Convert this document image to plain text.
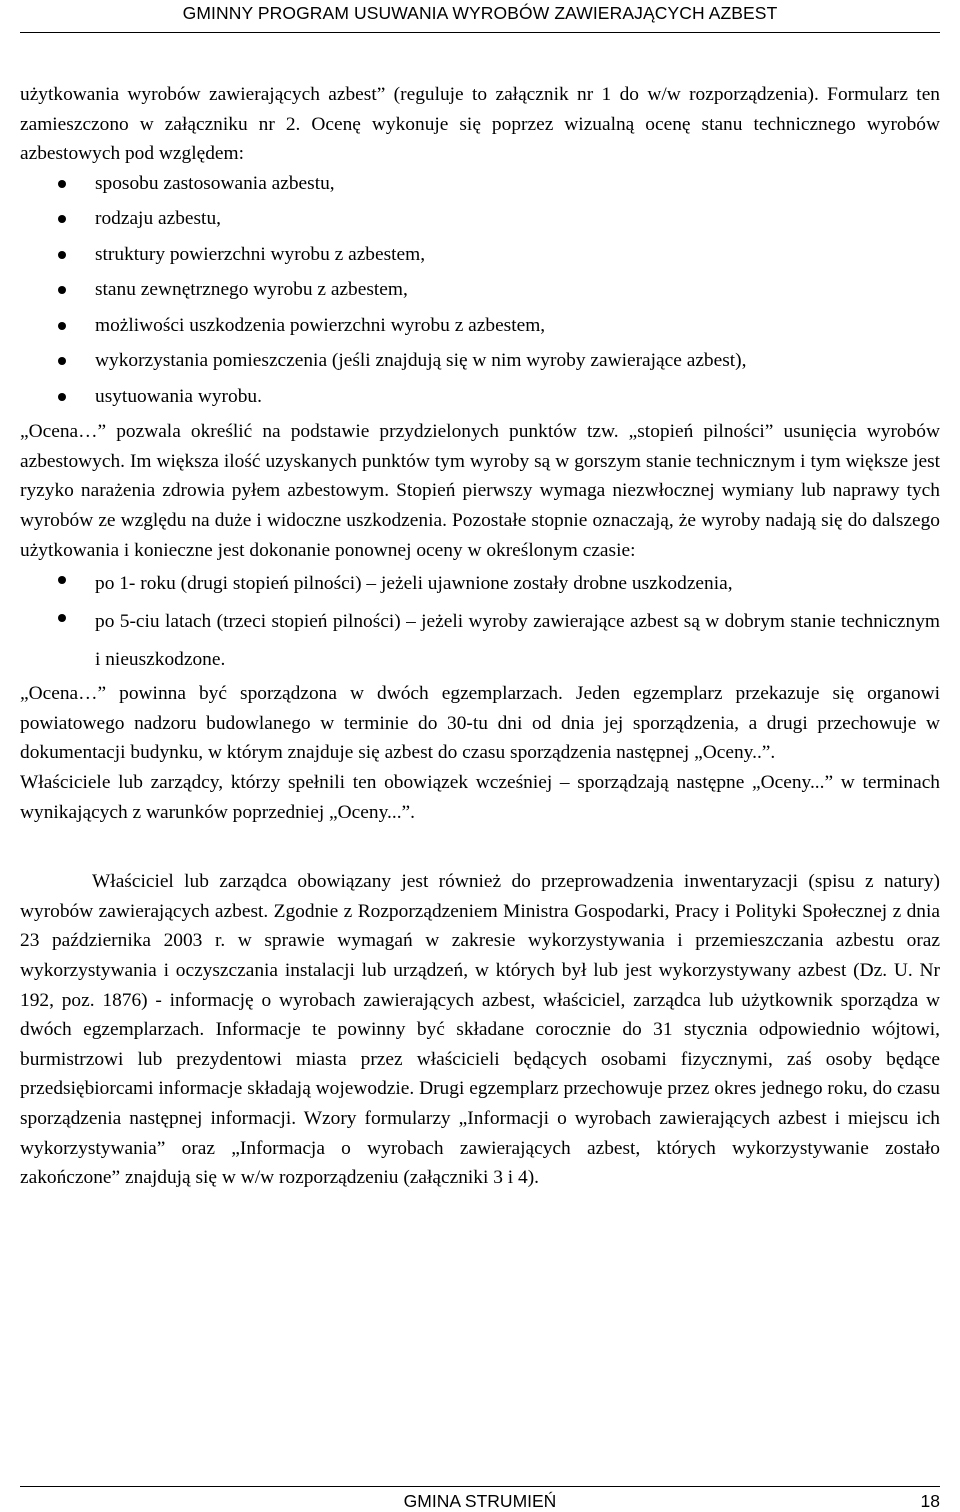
GMINNY PROGRAM USUWANIA WYROBÓW ZAWIERAJĄCYCH AZBEST

użytkowania wyrobów zawierających azbest” (reguluje to załącznik nr 1 do w/w rozporządzenia). Formularz ten zamieszczono w załączniku nr 2. Ocenę wykonuje się poprzez wizualną ocenę stanu technicznego wyrobów azbestowych pod względem:

sposobu zastosowania azbestu,
rodzaju azbestu,
struktury powierzchni wyrobu z azbestem,
stanu zewnętrznego wyrobu z azbestem,
możliwości uszkodzenia powierzchni wyrobu z azbestem,
wykorzystania pomieszczenia (jeśli znajdują się w nim wyroby zawierające azbest),
usytuowania wyrobu.

„Ocena…” pozwala określić na podstawie przydzielonych punktów tzw. „stopień pilności” usunięcia wyrobów azbestowych. Im większa ilość uzyskanych punktów tym wyroby są w gorszym stanie technicznym i tym większe jest ryzyko narażenia zdrowia pyłem azbestowym. Stopień pierwszy wymaga niezwłocznej wymiany lub naprawy tych wyrobów ze względu na duże i widoczne uszkodzenia. Pozostałe stopnie oznaczają, że wyroby nadają się do dalszego użytkowania i konieczne jest dokonanie ponownej oceny w określonym czasie:

po 1- roku (drugi stopień pilności) – jeżeli ujawnione zostały drobne uszkodzenia,
po 5-ciu latach (trzeci stopień pilności) – jeżeli wyroby zawierające azbest są w dobrym stanie technicznym i nieuszkodzone.

„Ocena…” powinna być sporządzona w dwóch egzemplarzach. Jeden egzemplarz przekazuje się organowi powiatowego nadzoru budowlanego w terminie do 30-tu dni od dnia jej sporządzenia, a drugi przechowuje w dokumentacji budynku, w którym znajduje się azbest do czasu sporządzenia następnej „Oceny..”.

Właściciele lub zarządcy, którzy spełnili ten obowiązek wcześniej – sporządzają następne „Oceny...” w terminach wynikających z warunków poprzedniej „Oceny...”.

Właściciel lub zarządca obowiązany jest również do przeprowadzenia inwentaryzacji (spisu z natury) wyrobów zawierających azbest. Zgodnie z Rozporządzeniem Ministra Gospodarki, Pracy i Polityki Społecznej z dnia 23 października 2003 r. w sprawie wymagań w zakresie wykorzystywania i przemieszczania azbestu oraz wykorzystywania i oczyszczania instalacji lub urządzeń, w których był lub jest wykorzystywany azbest (Dz. U. Nr 192, poz. 1876) - informację o wyrobach zawierających azbest, właściciel, zarządca lub użytkownik sporządza w dwóch egzemplarzach. Informacje te powinny być składane corocznie do 31 stycznia odpowiednio wójtowi, burmistrzowi lub prezydentowi miasta przez właścicieli będących osobami fizycznymi, zaś osoby będące przedsiębiorcami informacje składają wojewodzie. Drugi egzemplarz przechowuje przez okres jednego roku, do czasu sporządzenia następnej informacji. Wzory formularzy „Informacji o wyrobach zawierających azbest i miejscu ich wykorzystywania” oraz „Informacja o wyrobach zawierających azbest, których wykorzystywanie zostało zakończone” znajdują się w w/w rozporządzeniu (załączniki 3 i 4).

GMINA STRUMIEŃ	18
